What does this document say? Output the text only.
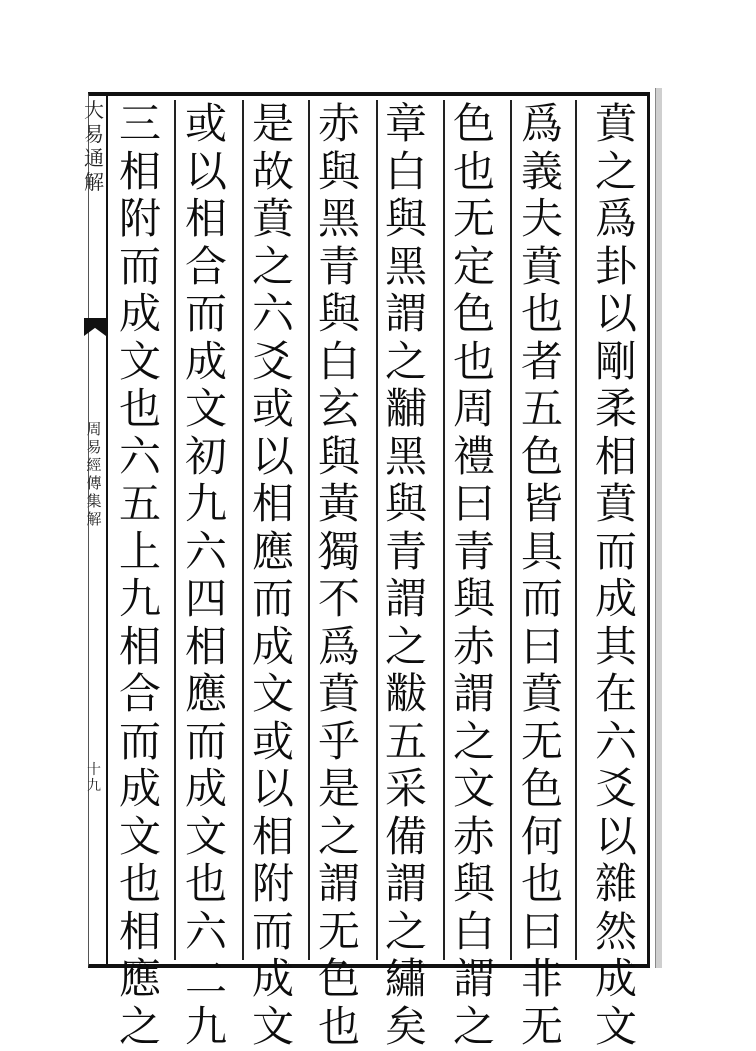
大
易
通
解
周
易
經
傳
集
解
十
九
賁
之
爲
卦
以
剛
柔
相
賁
而
成
其
在
六
爻
以
雜
然
成
文
爲
義
夫
賁
也
者
五
色
皆
具
而
曰
賁
无
色
何
也
曰
非
无
色
也
无
定
色
也
周
禮
曰
青
與
赤
謂
之
文
赤
與
白
謂
之
章
白
與
黑
謂
之
黼
黑
與
青
謂
之
黻
五
采
備
謂
之
繡
矣
赤
與
黑
青
與
白
玄
與
黃
獨
不
爲
賁
乎
是
之
謂
无
色
也
是
故
賁
之
六
爻
或
以
相
應
而
成
文
或
以
相
附
而
成
文
或
以
相
合
而
成
文
初
九
六
四
相
應
而
成
文
也
六
二
九
三
相
附
而
成
文
也
六
五
上
九
相
合
而
成
文
也
相
應
之
